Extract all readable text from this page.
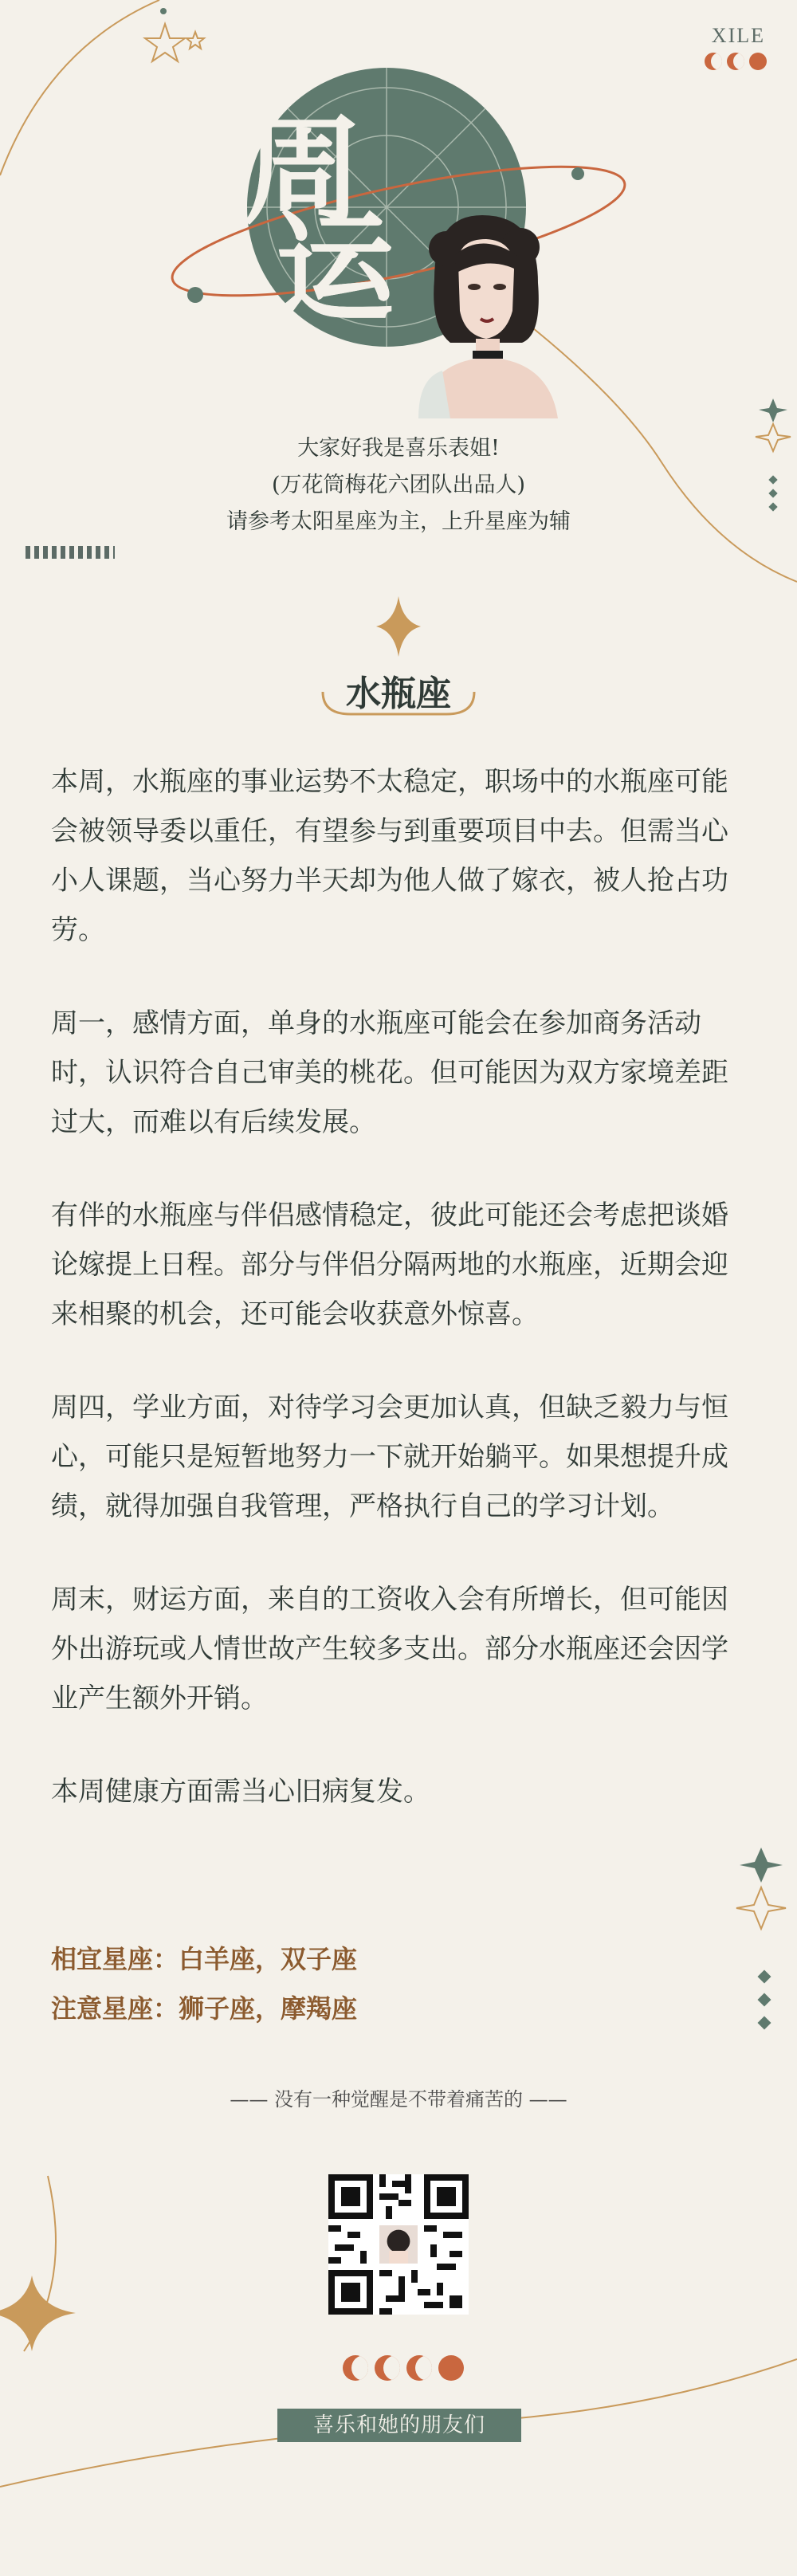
周
运
XILE
大家好我是喜乐表姐!
(万花筒梅花六团队出品人)
请参考太阳星座为主，上升星座为辅
水瓶座

本周，水瓶座的事业运势不太稳定，职场中的水瓶座可能会被领导委以重任，有望参与到重要项目中去。但需当心小人课题，当心努力半天却为他人做了嫁衣，被人抢占功劳。

周一，感情方面，单身的水瓶座可能会在参加商务活动时，认识符合自己审美的桃花。但可能因为双方家境差距过大，而难以有后续发展。

有伴的水瓶座与伴侣感情稳定，彼此可能还会考虑把谈婚论嫁提上日程。部分与伴侣分隔两地的水瓶座，近期会迎来相聚的机会，还可能会收获意外惊喜。

周四，学业方面，对待学习会更加认真，但缺乏毅力与恒心，可能只是短暂地努力一下就开始躺平。如果想提升成绩，就得加强自我管理，严格执行自己的学习计划。

周末，财运方面，来自的工资收入会有所增长，但可能因外出游玩或人情世故产生较多支出。部分水瓶座还会因学业产生额外开销。

本周健康方面需当心旧病复发。

相宜星座：白羊座，双子座
注意星座：狮子座，摩羯座
—— 没有一种觉醒是不带着痛苦的 ——
喜乐和她的朋友们
